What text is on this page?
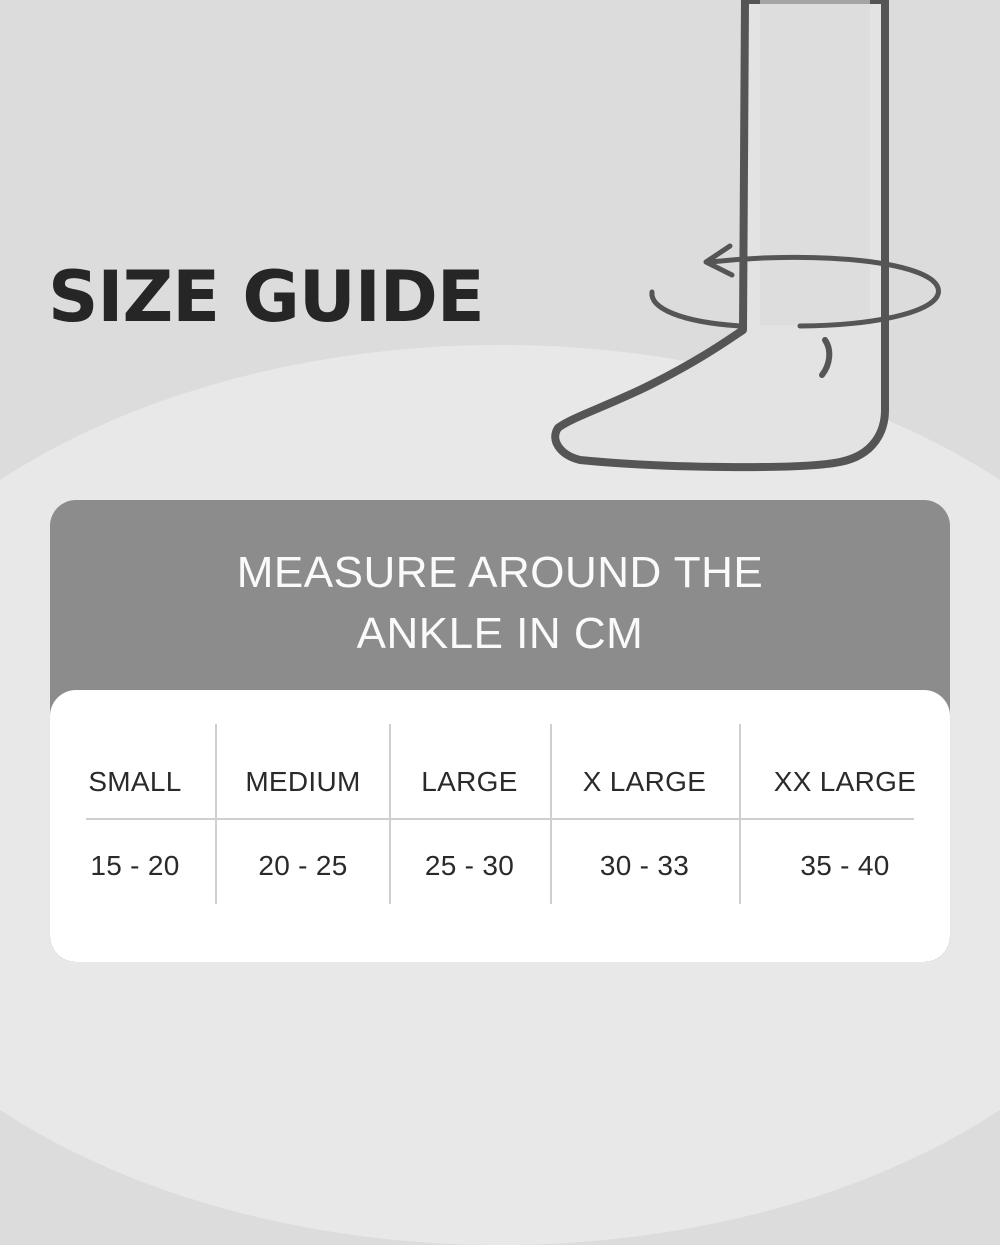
SIZE GUIDE
MEASURE AROUND THE
ANKLE IN CM
SMALL	MEDIUM	LARGE	X LARGE	XX LARGE
15 - 20	20 - 25	25 - 30	30 - 33	35 - 40
